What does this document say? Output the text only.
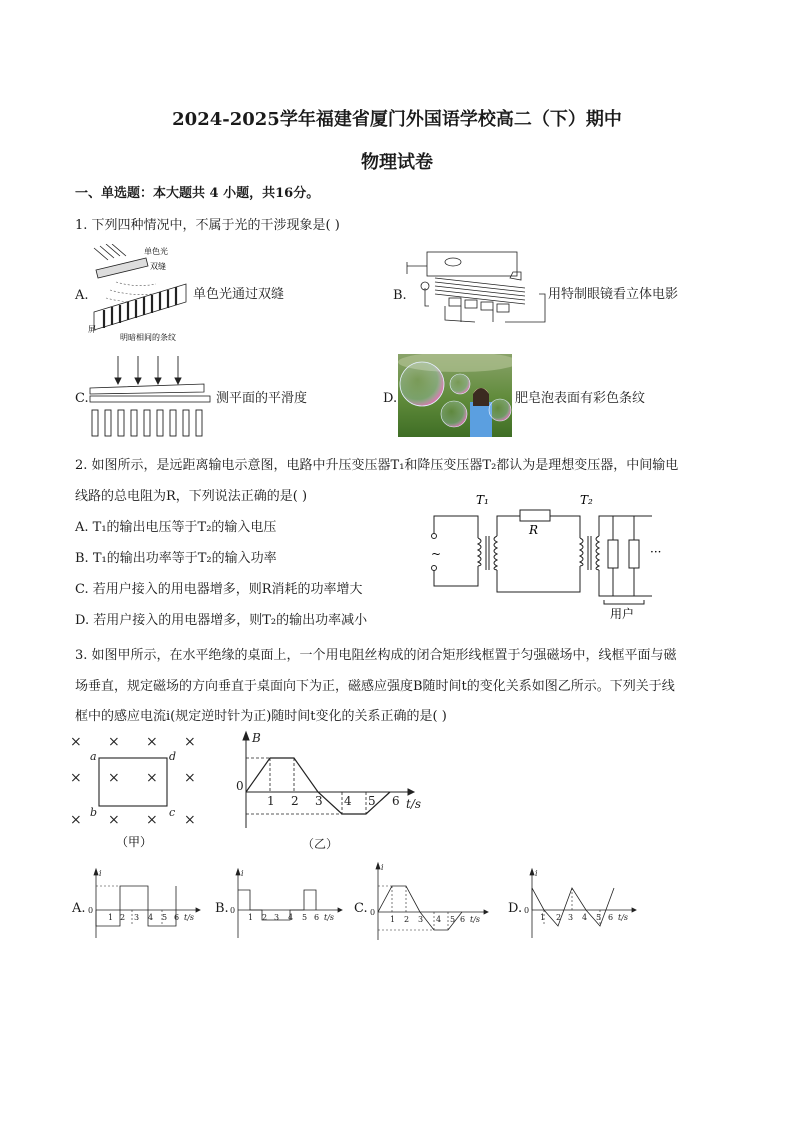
2024-2025学年福建省厦门外国语学校高二（下）期中
物理试卷
一、单选题：本大题共 4 小题，共16分。
1. 下列四种情况中，不属于光的干涉现象是( )
A.
单色光
双缝
屏
明暗相间的条纹
单色光通过双缝	B.	用特制眼镜看立体电影
C.	测平面的平滑度	D.	肥皂泡表面有彩色条纹
2. 如图所示，是远距离输电示意图，电路中升压变压器T₁和降压变压器T₂都认为是理想变压器，中间输电
线路的总电阻为R，下列说法正确的是( )
A. T₁的输出电压等于T₂的输入电压
B. T₁的输出功率等于T₂的输入功率
C. 若用户接入的用电器增多，则R消耗的功率增大
D. 若用户接入的用电器增多，则T₂的输出功率减小
~
T₁
R
T₂
···
用户
3. 如图甲所示，在水平绝缘的桌面上，一个用电阻丝构成的闭合矩形线框置于匀强磁场中，线框平面与磁
场垂直，规定磁场的方向垂直于桌面向下为正，磁感应强度B随时间t的变化关系如图乙所示。下列关于线
框中的感应电流i(规定逆时针为正)随时间t变化的关系正确的是( )
× × × ×
× × × ×
× × × ×
a	d
b	c
（甲）
B
0
1 2 3 4 5 6 t/s
（乙）
A.
i
0
1 2 3 4 5 6 t/s
B.
i
0
1 2 3 4 5 6 t/s
C.
i
0
1 2 3 4 5 6 t/s
D.
i
0
1 2 3 4 5 6 t/s
